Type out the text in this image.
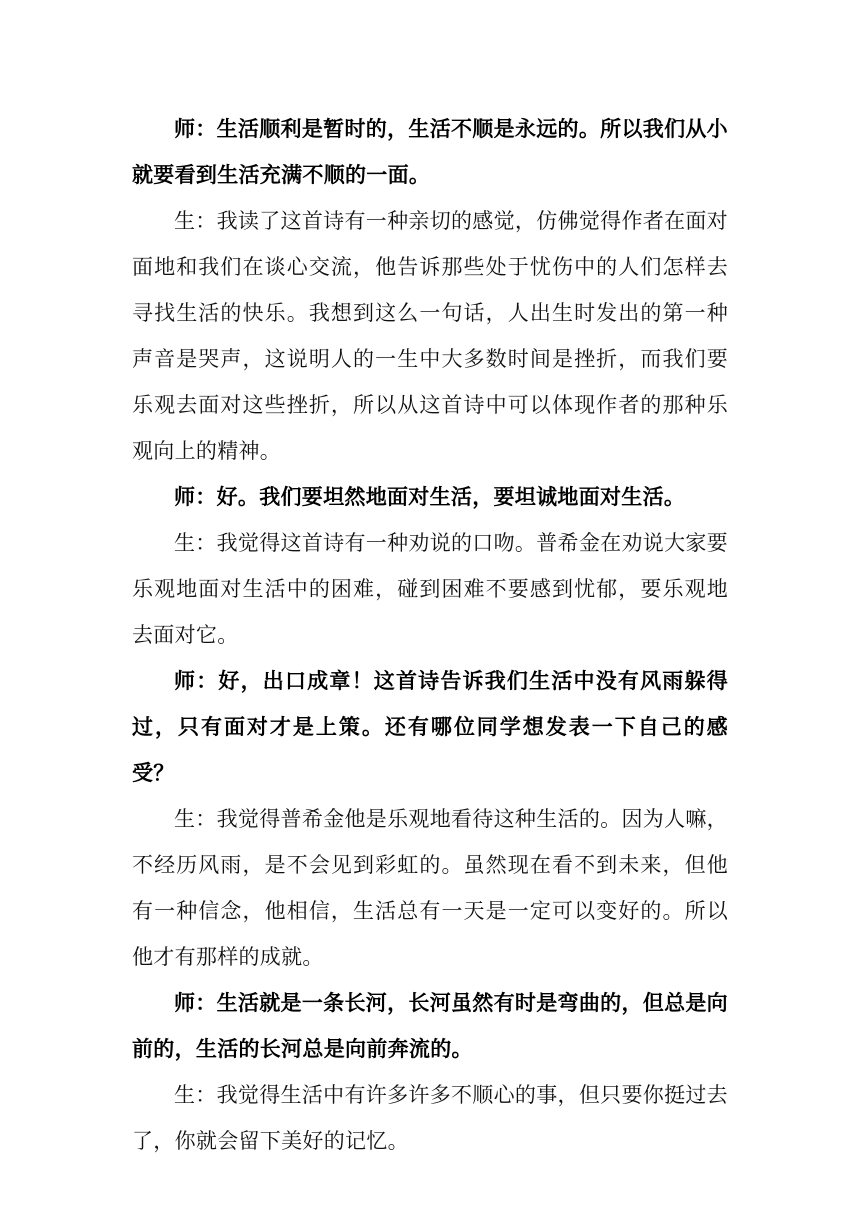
师：生活顺利是暂时的，生活不顺是永远的。所以我们从小就要看到生活充满不顺的一面。

生：我读了这首诗有一种亲切的感觉，仿佛觉得作者在面对面地和我们在谈心交流，他告诉那些处于忧伤中的人们怎样去寻找生活的快乐。我想到这么一句话，人出生时发出的第一种声音是哭声，这说明人的一生中大多数时间是挫折，而我们要乐观去面对这些挫折，所以从这首诗中可以体现作者的那种乐观向上的精神。

师：好。我们要坦然地面对生活，要坦诚地面对生活。

生：我觉得这首诗有一种劝说的口吻。普希金在劝说大家要乐观地面对生活中的困难，碰到困难不要感到忧郁，要乐观地去面对它。

师：好，出口成章！这首诗告诉我们生活中没有风雨躲得过，只有面对才是上策。还有哪位同学想发表一下自己的感受？

生：我觉得普希金他是乐观地看待这种生活的。因为人嘛，不经历风雨，是不会见到彩虹的。虽然现在看不到未来，但他有一种信念，他相信，生活总有一天是一定可以变好的。所以他才有那样的成就。

师：生活就是一条长河，长河虽然有时是弯曲的，但总是向前的，生活的长河总是向前奔流的。

生：我觉得生活中有许多许多不顺心的事，但只要你挺过去了，你就会留下美好的记忆。
